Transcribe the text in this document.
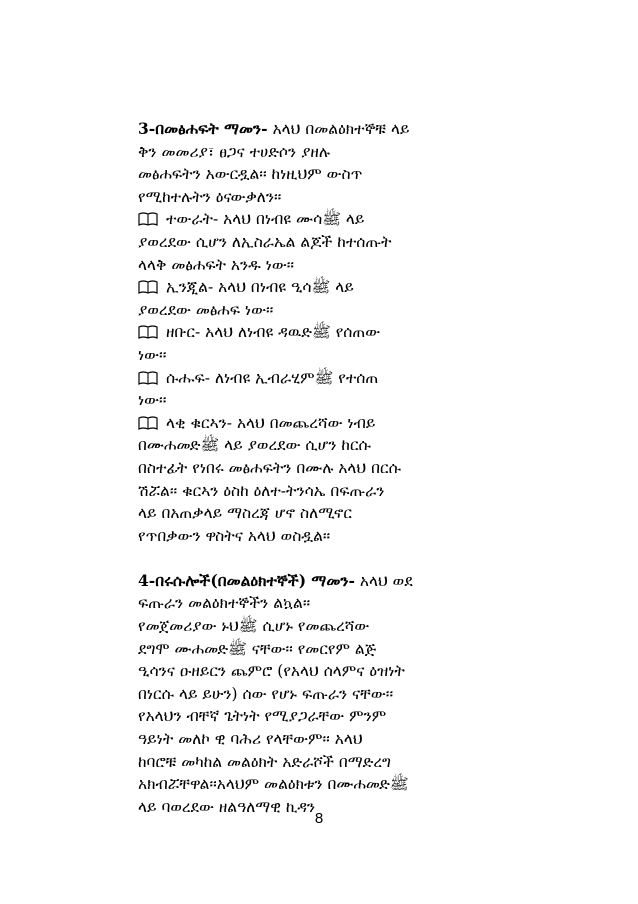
3-በመፅሐፍት ማመን- አላህ በመልዕክተኞቹ ላይ
ቅን መመሪያ፣ ፀጋና ተሀድሶን ያዘሉ
መፅሐፍትን አውርዷል፡፡ ከነዚህም ውስጥ
የሚከተሉትን ዕናውቃለን፡፡
ተውራት- አላህ በነብዩ ሙሳﷺ ላይ
ያወረደው ሲሆን ለኢስራኤል ልጆች ከተሰጡት
ላላቅ መፅሐፍት አንዱ ነው፡፡
ኢንጂል- አላህ በነብዩ ዒሳﷺ ላይ
ያወረደው መፅሐፍ ነው፡፡
ዘቡር- አላህ ለነብዩ ዳዉድﷺ የሰጠው
ነው፡፡
ሱሑፍ- ለነብዩ ኢብራሂምﷺ የተሰጠ
ነው፡፡
ላቂ ቁርኣን- አላህ በመጨረሻው ነብይ
በሙሐመድﷺ ላይ ያወረደው ሲሆን ከርሱ
በስተፊት የነበሩ መፅሐፍትን በሙሉ አላህ በርሱ
ሽሯል፡፡ ቁርኣን ዕስከ ዕለተ-ትንሳኤ በፍጡራን
ላይ በአጠቃላይ ማስረጃ ሆኖ ስለሚኖር
የጥበቃውን ዋስትና አላህ ወስዷል፡፡
4-በሩሱሎች(በመልዕክተኞች) ማመን- አላህ ወደ
ፍጡራን መልዕክተኞችን ልኳል፡፡
የመጀመሪያው ኑህﷺ ሲሆኑ የመጨረሻው
ደግሞ ሙሐመድﷺ ናቸው፡፡ የመርየም ልጅ
ዒሳንና ዑዘይርን ጨምሮ (የአላህ ሰላምና ዕዝነት
በነርሱ ላይ ይሁን) ሰው የሆኑ ፍጡራን ናቸው፡፡
የአላህን ብቸኛ ጌትነት የሚያጋራቸው ምንም
ዓይነት መለኮ ዊ ባሕሪ የላቸውም፡፡ አላህ
ከባሮቹ መካከል መልዕክት አድራሾች በማድረግ
አክብሯቸዋል፡፡አላህም መልዕክቱን በሙሐመድﷺ
ላይ ባወረደው ዘልዓለማዊ ኪዳን
8
